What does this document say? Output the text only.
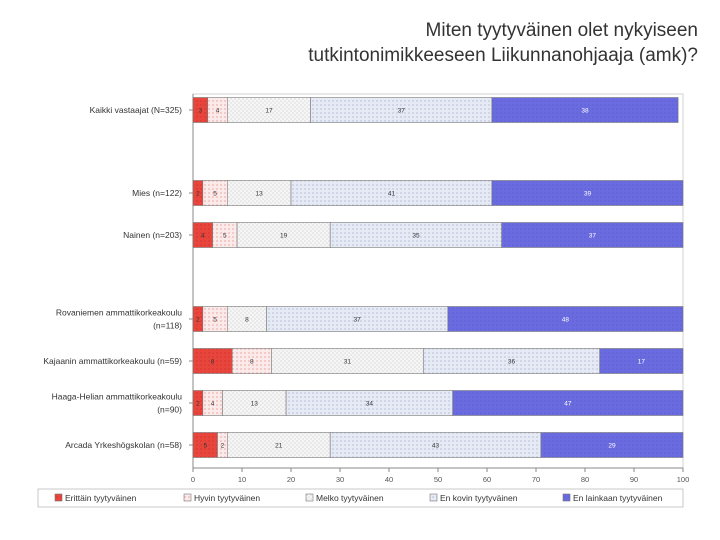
Miten tyytyväinen olet nykyiseen
tutkintonimikkeeseen Liikunnanohjaaja (amk)?
0	10	20	30	40	50	60	70	80	90	100
3 4	17	37	38
Kaikki vastaajat (N=325)
2 5	13	41	39
Mies (n=122)
4	5	19	35	37
Nainen (n=203)
2 5	8	37	48
Rovaniemen ammattikorkeakoulu
(n=118)
8	8	31	36	17
Kajaanin ammattikorkeakoulu (n=59)
2 4	13	34	47
Haaga-Helian ammattikorkeakoulu
(n=90)
5 2	21	43	29
Arcada Yrkeshögskolan (n=58)
Erittäin tyytyväinen	Hyvin tyytyväinen	Melko tyytyväinen	En kovin tyytyväinen	En lainkaan tyytyväinen
